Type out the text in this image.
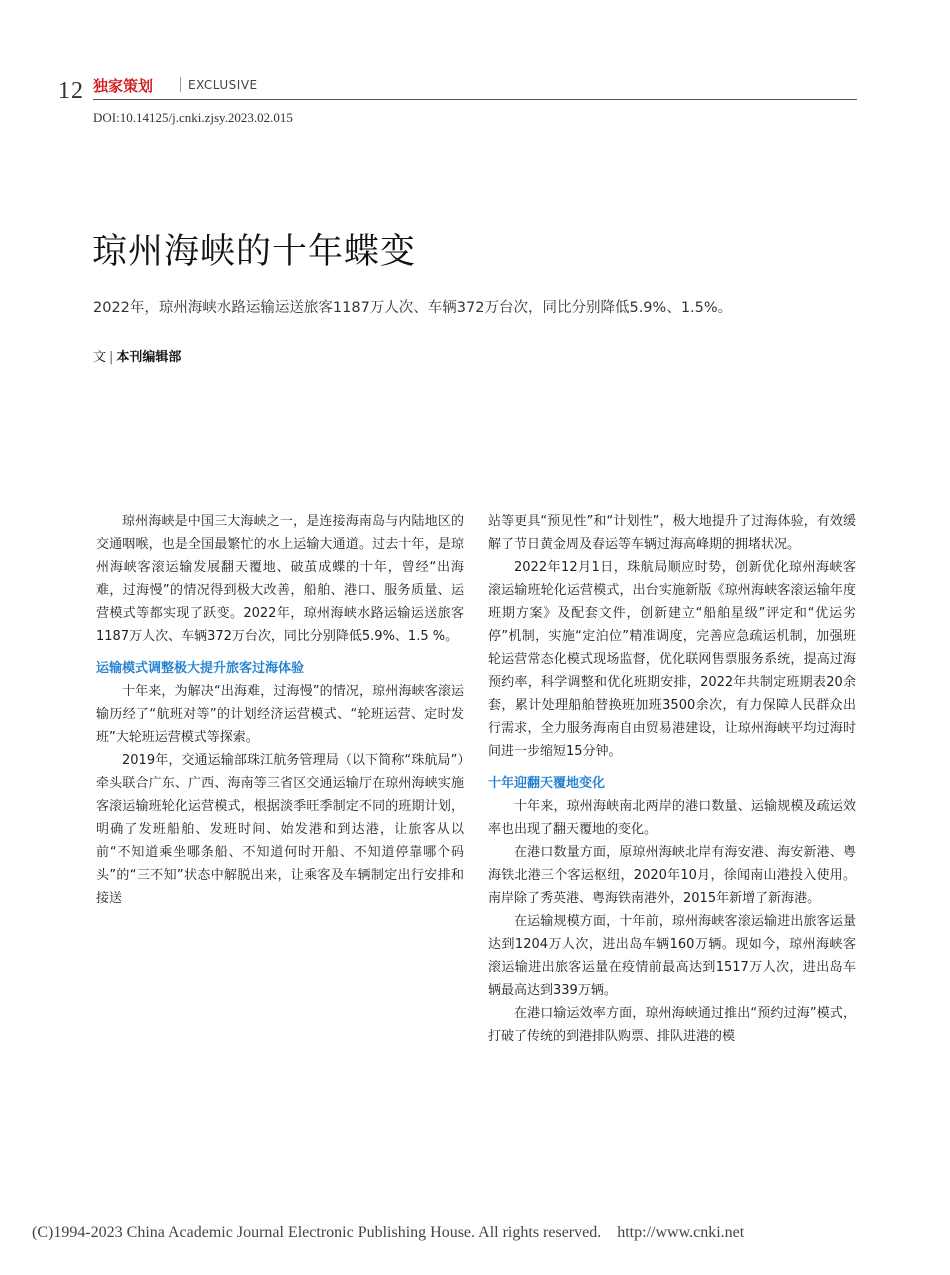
12 独家策划	EXCLUSIVE
DOI:10.14125/j.cnki.zjsy.2023.02.015
琼州海峡的十年蝶变
2022年，琼州海峡水路运输运送旅客1187万人次、车辆372万台次，同比分别降低5.9%、1.5%。
文 | 本刊编辑部

琼州海峡是中国三大海峡之一，是连接海南岛与内陆地区的交通咽喉，也是全国最繁忙的水上运输大通道。过去十年，是琼州海峡客滚运输发展翻天覆地、破茧成蝶的十年，曾经“出海难，过海慢”的情况得到极大改善，船舶、港口、服务质量、运营模式等都实现了跃变。2022年，琼州海峡水路运输运送旅客1187万人次、车辆372万台次，同比分别降低5.9%、1.5 %。

运输模式调整极大提升旅客过海体验

十年来，为解决“出海难，过海慢”的情况，琼州海峡客滚运输历经了“航班对等”的计划经济运营模式、“轮班运营、定时发班”大轮班运营模式等探索。

2019年，交通运输部珠江航务管理局（以下简称“珠航局”）牵头联合广东、广西、海南等三省区交通运输厅在琼州海峡实施客滚运输班轮化运营模式，根据淡季旺季制定不同的班期计划，明确了发班船舶、发班时间、始发港和到达港，让旅客从以前“不知道乘坐哪条船、不知道何时开船、不知道停靠哪个码头”的“三不知”状态中解脱出来，让乘客及车辆制定出行安排和接送

站等更具“预见性”和“计划性”，极大地提升了过海体验，有效缓解了节日黄金周及春运等车辆过海高峰期的拥堵状况。

2022年12月1日，珠航局顺应时势，创新优化琼州海峡客滚运输班轮化运营模式，出台实施新版《琼州海峡客滚运输年度班期方案》及配套文件，创新建立“船舶星级”评定和“优运劣停”机制，实施“定泊位”精准调度，完善应急疏运机制，加强班轮运营常态化模式现场监督，优化联网售票服务系统，提高过海预约率，科学调整和优化班期安排，2022年共制定班期表20余套，累计处理船舶替换班加班3500余次，有力保障人民群众出行需求，全力服务海南自由贸易港建设，让琼州海峡平均过海时间进一步缩短15分钟。

十年迎翻天覆地变化

十年来，琼州海峡南北两岸的港口数量、运输规模及疏运效率也出现了翻天覆地的变化。

在港口数量方面，原琼州海峡北岸有海安港、海安新港、粤海铁北港三个客运枢纽，2020年10月，徐闻南山港投入使用。南岸除了秀英港、粤海铁南港外，2015年新增了新海港。

在运输规模方面，十年前，琼州海峡客滚运输进出旅客运量达到1204万人次，进出岛车辆160万辆。现如今，琼州海峡客滚运输进出旅客运量在疫情前最高达到1517万人次，进出岛车辆最高达到339万辆。

在港口输运效率方面，琼州海峡通过推出“预约过海”模式，打破了传统的到港排队购票、排队进港的模

(C)1994-2023 China Academic Journal Electronic Publishing House. All rights reserved. http://www.cnki.net
